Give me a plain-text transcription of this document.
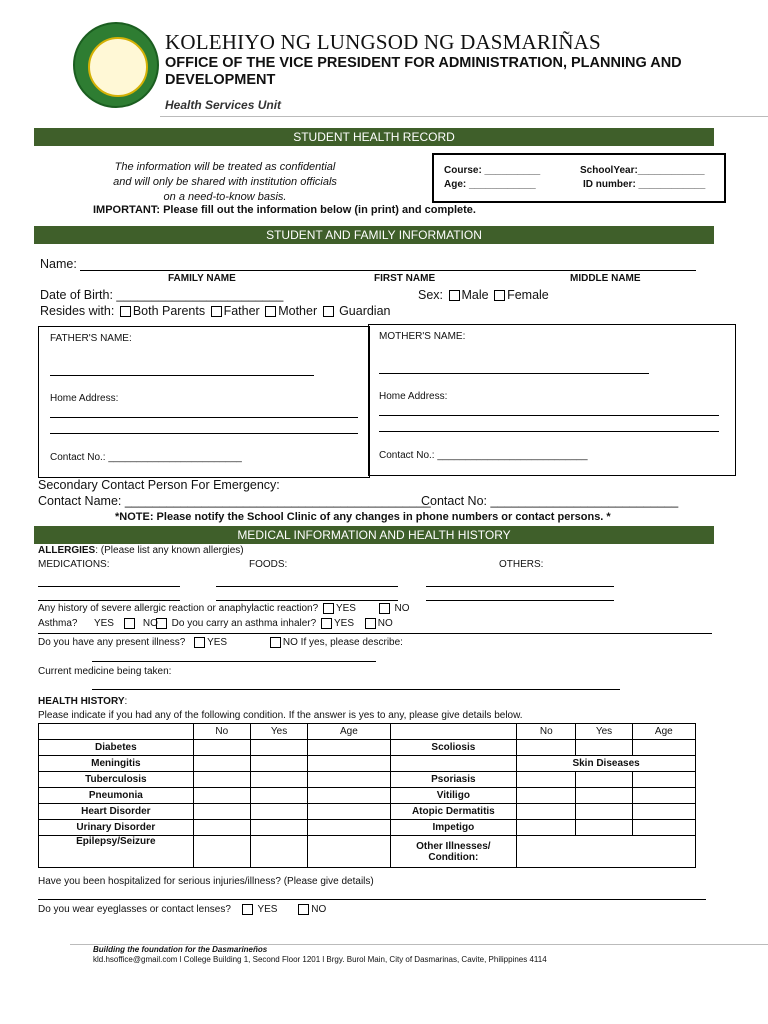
KOLEHIYO NG LUNGSOD NG DASMARIÑAS
OFFICE OF THE VICE PRESIDENT FOR ADMINISTRATION, PLANNING AND DEVELOPMENT
Health Services Unit
STUDENT HEALTH RECORD
The information will be treated as confidential
and will only be shared with institution officials
on a need-to-know basis.
IMPORTANT: Please fill out the information below (in print) and complete.
Course: __________
Age: ____________
SchoolYear:____________
ID number: ____________
STUDENT AND FAMILY INFORMATION
Name:
FAMILY NAME	FIRST NAME	MIDDLE NAME
Date of Birth: ________________________	Sex: Male Female
Resides with: Both Parents Father Mother  Guardian
FATHER'S NAME:
Home Address:
Contact No.: ________________________
MOTHER'S NAME:
Home Address:
Contact No.: ___________________________
Secondary Contact Person For Emergency:
Contact Name: ____________________________________________
Contact No: ___________________________
*NOTE: Please notify the School Clinic of any changes in phone numbers or contact persons. *
MEDICAL INFORMATION AND HEALTH HISTORY
ALLERGIES: (Please list any known allergies)
MEDICATIONS:	FOODS:	OTHERS:
Any history of severe allergic reaction or anaphylactic reaction? YES	NO
Asthma? YES	NO Do you carry an asthma inhaler? YES NO
Do you have any present illness? YES	NO If yes, please describe:
Current medicine being taken:
HEALTH HISTORY:
Please indicate if you had any of the following condition. If the answer is yes to any, please give details below.
	No	Yes	Age		No	Yes	Age
Diabetes				Scoliosis			
Meningitis					Skin Diseases		
Tuberculosis				Psoriasis			
Pneumonia				Vitiligo			
Heart Disorder				Atopic Dermatitis			
Urinary Disorder				Impetigo			
Epilepsy/Seizure				Other Illnesses/
Condition:			

Have you been hospitalized for serious injuries/illness? (Please give details)
Do you wear eyeglasses or contact lenses?	YES	NO
Building the foundation for the Dasmarineños
kld.hsoffice@gmail.com l College Building 1, Second Floor 1201 l Brgy. Burol Main, City of Dasmarinas, Cavite, Philippines 4114
